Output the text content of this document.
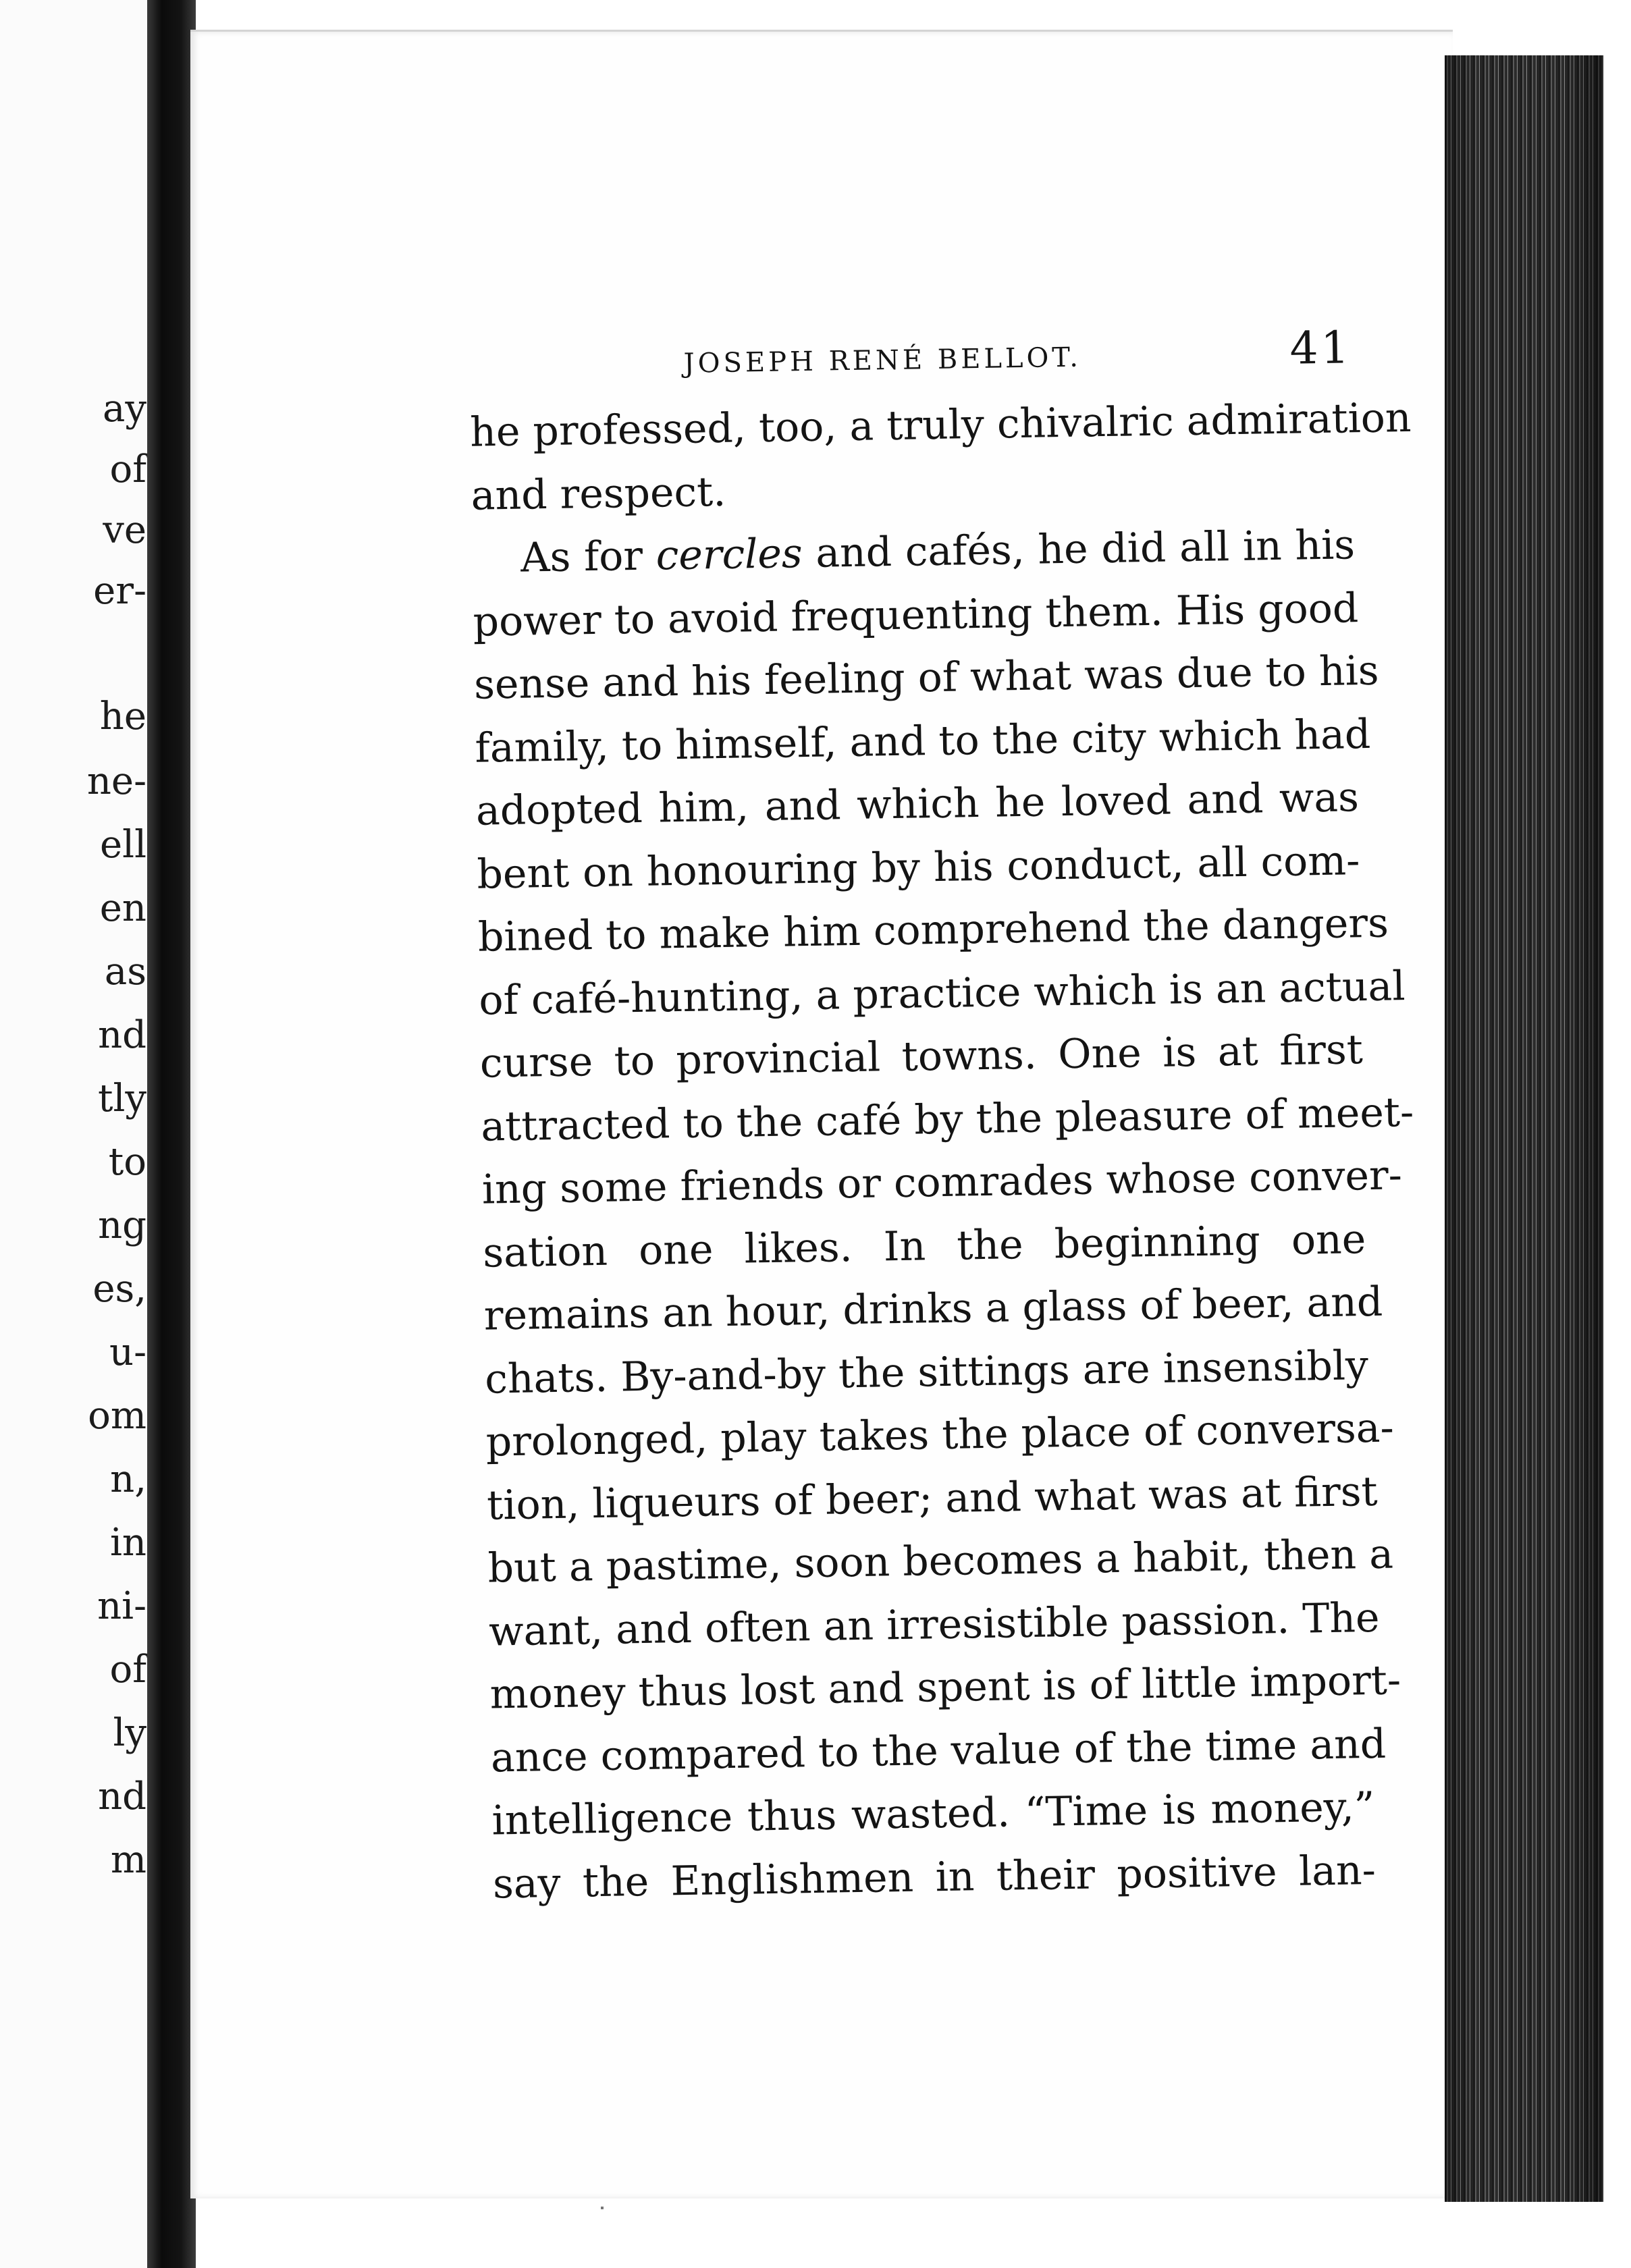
ay
of
ve
er-
he
ne-
ell
en
as
nd
tly
to
ng
es,
u-
om
n,
in
ni-
of
ly
nd
m
JOSEPH RENÉ BELLOT.	41
he professed, too, a truly chivalric admiration
and respect.
As for cercles and cafés, he did all in his
power to avoid frequenting them. His good
sense and his feeling of what was due to his
family, to himself, and to the city which had
adopted him, and which he loved and was
bent on honouring by his conduct, all com-
bined to make him comprehend the dangers
of café-hunting, a practice which is an actual
curse to provincial towns. One is at first
attracted to the café by the pleasure of meet-
ing some friends or comrades whose conver-
sation one likes. In the beginning one
remains an hour, drinks a glass of beer, and
chats. By-and-by the sittings are insensibly
prolonged, play takes the place of conversa-
tion, liqueurs of beer; and what was at first
but a pastime, soon becomes a habit, then a
want, and often an irresistible passion. The
money thus lost and spent is of little import-
ance compared to the value of the time and
intelligence thus wasted. “Time is money,”
say the Englishmen in their positive lan-
